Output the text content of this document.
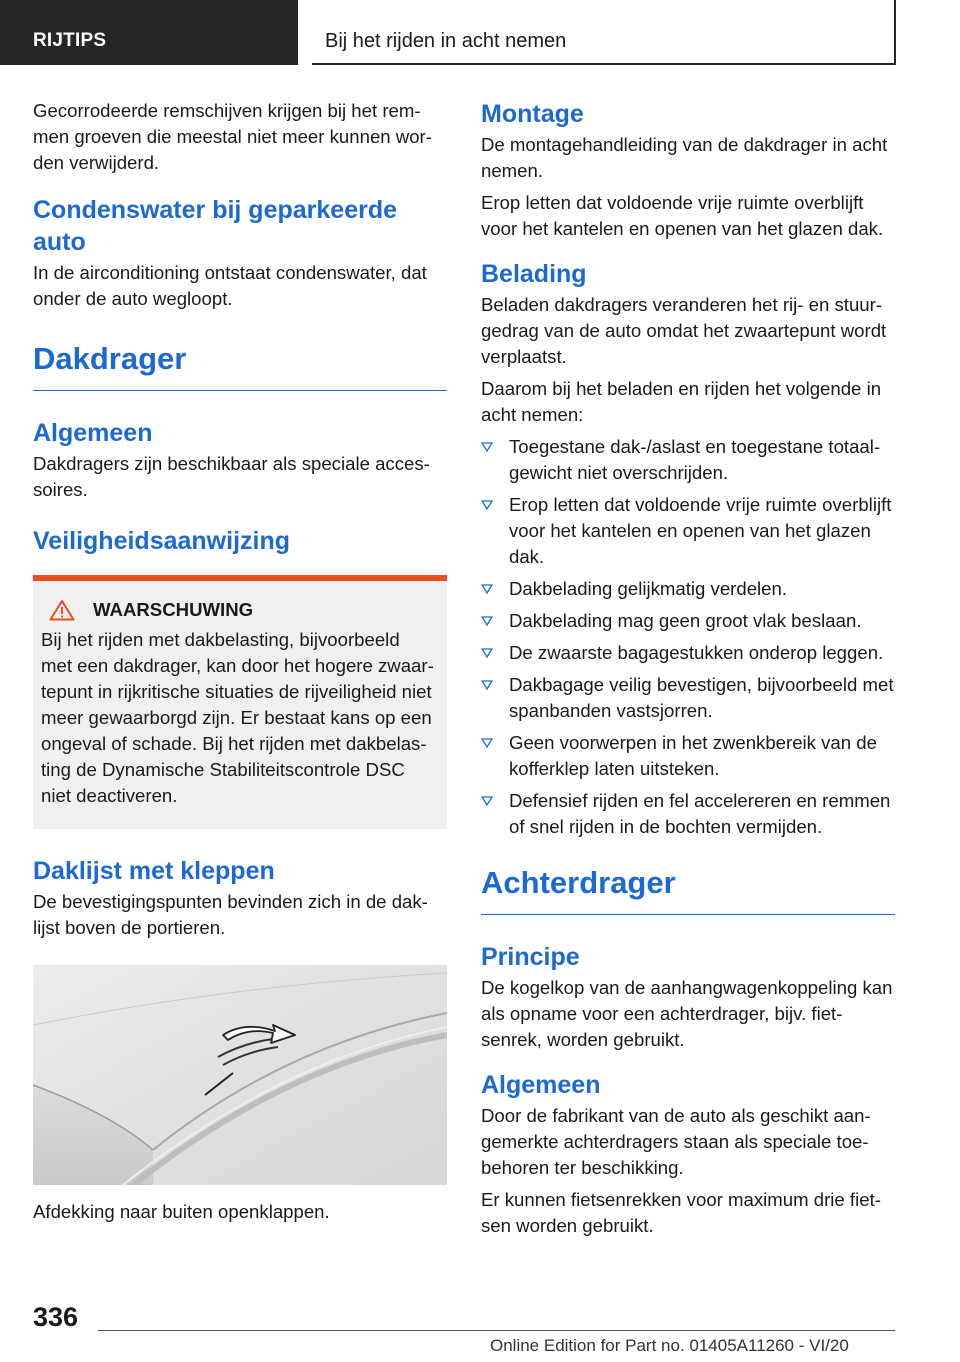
RIJTIPS	Bij het rijden in acht nemen

Gecorrodeerde remschijven krijgen bij het remmen groeven die meestal niet meer kunnen worden verwijderd.

Condenswater bij geparkeerde auto

In de airconditioning ontstaat condenswater, dat onder de auto wegloopt.

Dakdrager
Algemeen

Dakdragers zijn beschikbaar als speciale accessoires.

Veiligheidsaanwijzing
WAARSCHUWING

Bij het rijden met dakbelasting, bijvoorbeeld met een dakdrager, kan door het hogere zwaartepunt in rijkritische situaties de rijveiligheid niet meer gewaarborgd zijn. Er bestaat kans op een ongeval of schade. Bij het rijden met dakbelasting de Dynamische Stabiliteitscontrole DSC niet deactiveren.

Daklijst met kleppen

De bevestigingspunten bevinden zich in de daklijst boven de portieren.

Afdekking naar buiten openklappen.

Montage

De montagehandleiding van de dakdrager in acht nemen.

Erop letten dat voldoende vrije ruimte overblijft voor het kantelen en openen van het glazen dak.

Belading

Beladen dakdragers veranderen het rij- en stuurgedrag van de auto omdat het zwaartepunt wordt verplaatst.

Daarom bij het beladen en rijden het volgende in acht nemen:

Toegestane dak-/aslast en toegestane totaalgewicht niet overschrijden.
Erop letten dat voldoende vrije ruimte overblijft voor het kantelen en openen van het glazen dak.
Dakbelading gelijkmatig verdelen.
Dakbelading mag geen groot vlak beslaan.
De zwaarste bagagestukken onderop leggen.
Dakbagage veilig bevestigen, bijvoorbeeld met spanbanden vastsjorren.
Geen voorwerpen in het zwenkbereik van de kofferklep laten uitsteken.
Defensief rijden en fel accelereren en remmen of snel rijden in de bochten vermijden.
Achterdrager
Principe

De kogelkop van de aanhangwagenkoppeling kan als opname voor een achterdrager, bijv. fietsenrek, worden gebruikt.

Algemeen

Door de fabrikant van de auto als geschikt aangemerkte achterdragers staan als speciale toebehoren ter beschikking.

Er kunnen fietsenrekken voor maximum drie fietsen worden gebruikt.

336
Online Edition for Part no. 01405A11260 - VI/20
